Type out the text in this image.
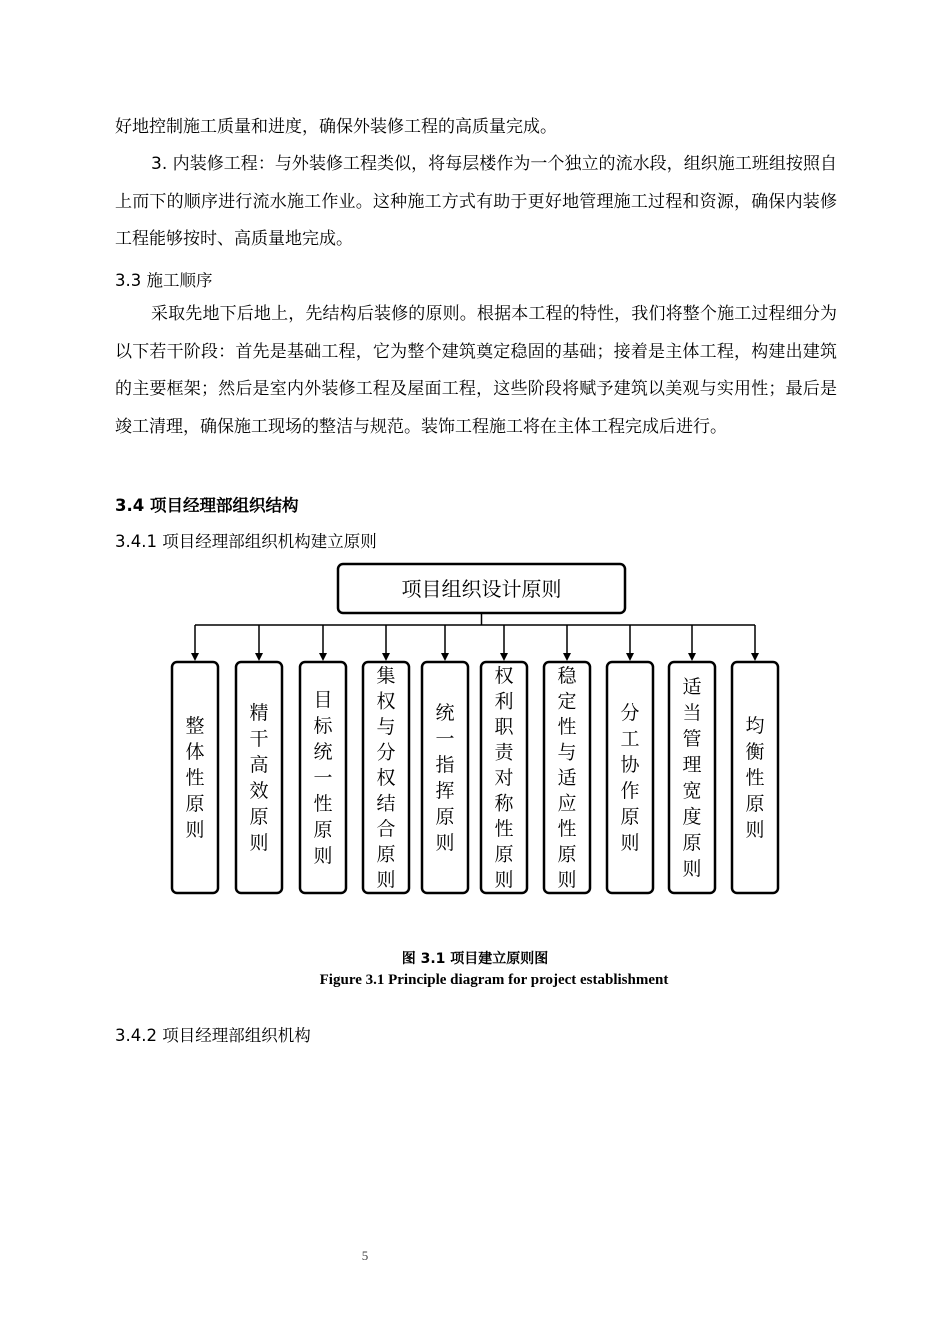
好地控制施工质量和进度，确保外装修工程的高质量完成。

3. 内装修工程：与外装修工程类似，将每层楼作为一个独立的流水段，组织施工班组按照自上而下的顺序进行流水施工作业。这种施工方式有助于更好地管理施工过程和资源，确保内装修工程能够按时、高质量地完成。

3.3 施工顺序

采取先地下后地上，先结构后装修的原则。根据本工程的特性，我们将整个施工过程细分为以下若干阶段：首先是基础工程，它为整个建筑奠定稳固的基础；接着是主体工程，构建出建筑的主要框架；然后是室内外装修工程及屋面工程，这些阶段将赋予建筑以美观与实用性；最后是竣工清理，确保施工现场的整洁与规范。装饰工程施工将在主体工程完成后进行。

3.4 项目经理部组织结构
3.4.1 项目经理部组织机构建立原则
项目组织设计原则
整体性原则
精干高效原则
目标统一性原则
集权与分权结合原则
统一指挥原则
权利职责对称性原则
稳定性与适应性原则
分工协作原则
适当管理宽度原则
均衡性原则
图 3.1 项目建立原则图
Figure 3.1 Principle diagram for project establishment
3.4.2 项目经理部组织机构
5
